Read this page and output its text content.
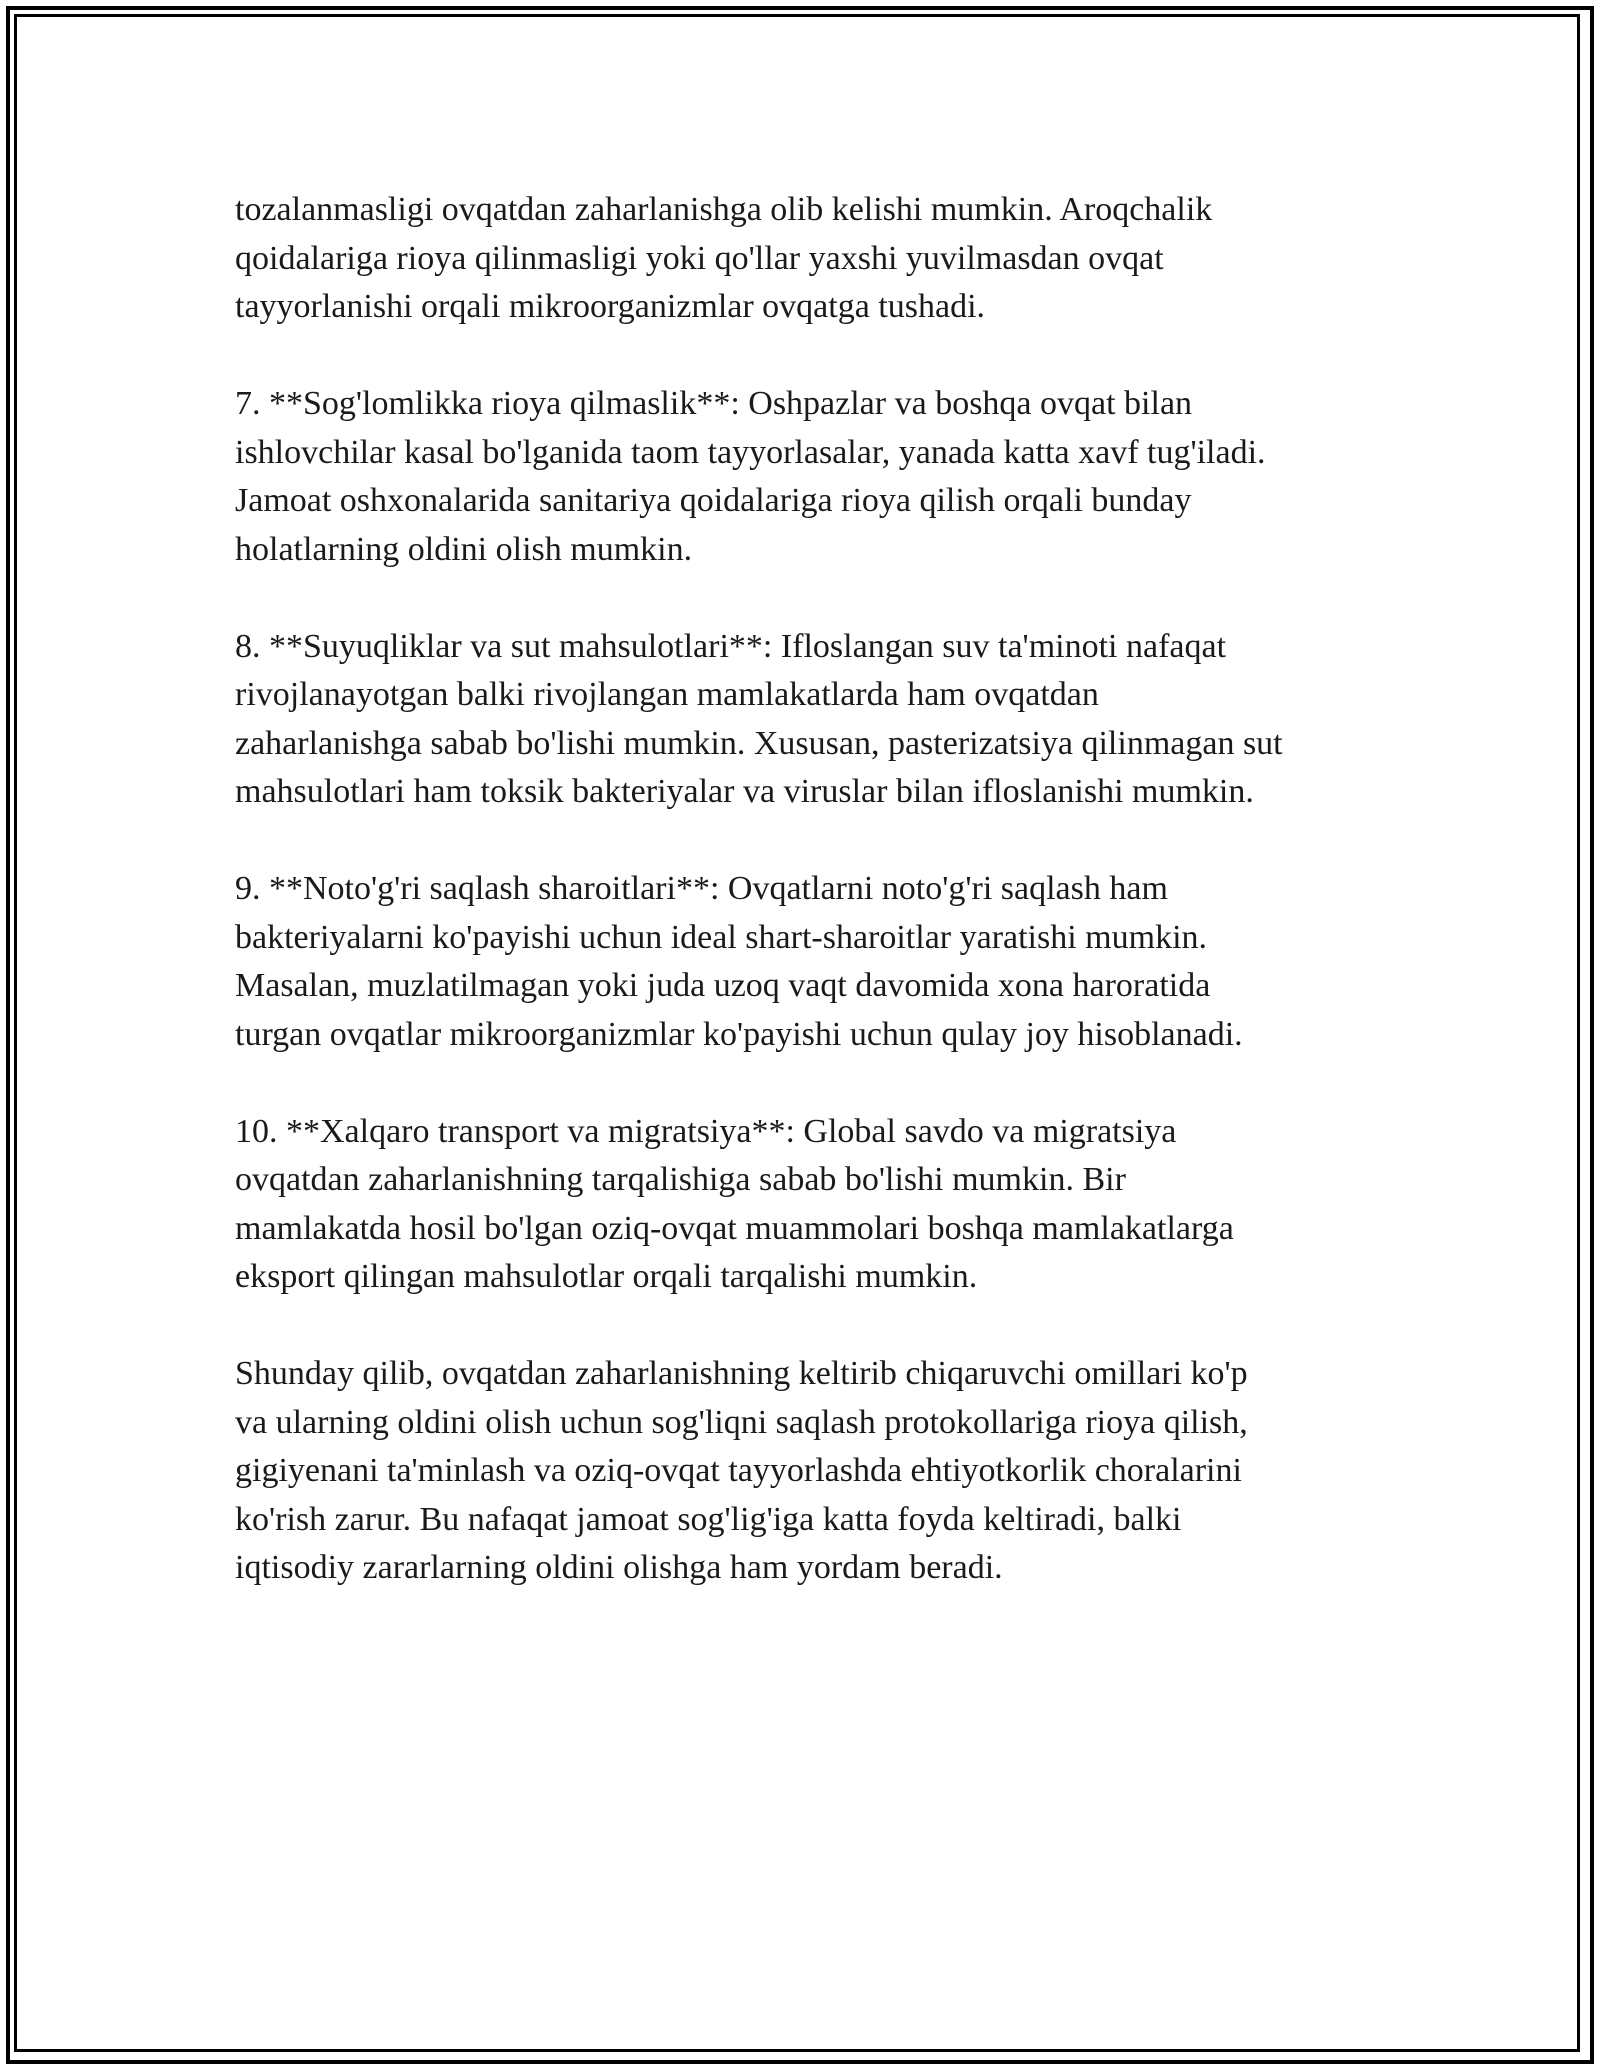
tozalanmasligi ovqatdan zaharlanishga olib kelishi mumkin. Aroqchalik
qoidalariga rioya qilinmasligi yoki qo'llar yaxshi yuvilmasdan ovqat
tayyorlanishi orqali mikroorganizmlar ovqatga tushadi.

7. **Sog'lomlikka rioya qilmaslik**: Oshpazlar va boshqa ovqat bilan
ishlovchilar kasal bo'lganida taom tayyorlasalar, yanada katta xavf tug'iladi.
Jamoat oshxonalarida sanitariya qoidalariga rioya qilish orqali bunday
holatlarning oldini olish mumkin.

8. **Suyuqliklar va sut mahsulotlari**: Ifloslangan suv ta'minoti nafaqat
rivojlanayotgan balki rivojlangan mamlakatlarda ham ovqatdan
zaharlanishga sabab bo'lishi mumkin. Xususan, pasterizatsiya qilinmagan sut
mahsulotlari ham toksik bakteriyalar va viruslar bilan ifloslanishi mumkin.

9. **Noto'g'ri saqlash sharoitlari**: Ovqatlarni noto'g'ri saqlash ham
bakteriyalarni ko'payishi uchun ideal shart-sharoitlar yaratishi mumkin.
Masalan, muzlatilmagan yoki juda uzoq vaqt davomida xona haroratida
turgan ovqatlar mikroorganizmlar ko'payishi uchun qulay joy hisoblanadi.

10. **Xalqaro transport va migratsiya**: Global savdo va migratsiya
ovqatdan zaharlanishning tarqalishiga sabab bo'lishi mumkin. Bir
mamlakatda hosil bo'lgan oziq-ovqat muammolari boshqa mamlakatlarga
eksport qilingan mahsulotlar orqali tarqalishi mumkin.

Shunday qilib, ovqatdan zaharlanishning keltirib chiqaruvchi omillari ko'p
va ularning oldini olish uchun sog'liqni saqlash protokollariga rioya qilish,
gigiyenani ta'minlash va oziq-ovqat tayyorlashda ehtiyotkorlik choralarini
ko'rish zarur. Bu nafaqat jamoat sog'lig'iga katta foyda keltiradi, balki
iqtisodiy zararlarning oldini olishga ham yordam beradi.
